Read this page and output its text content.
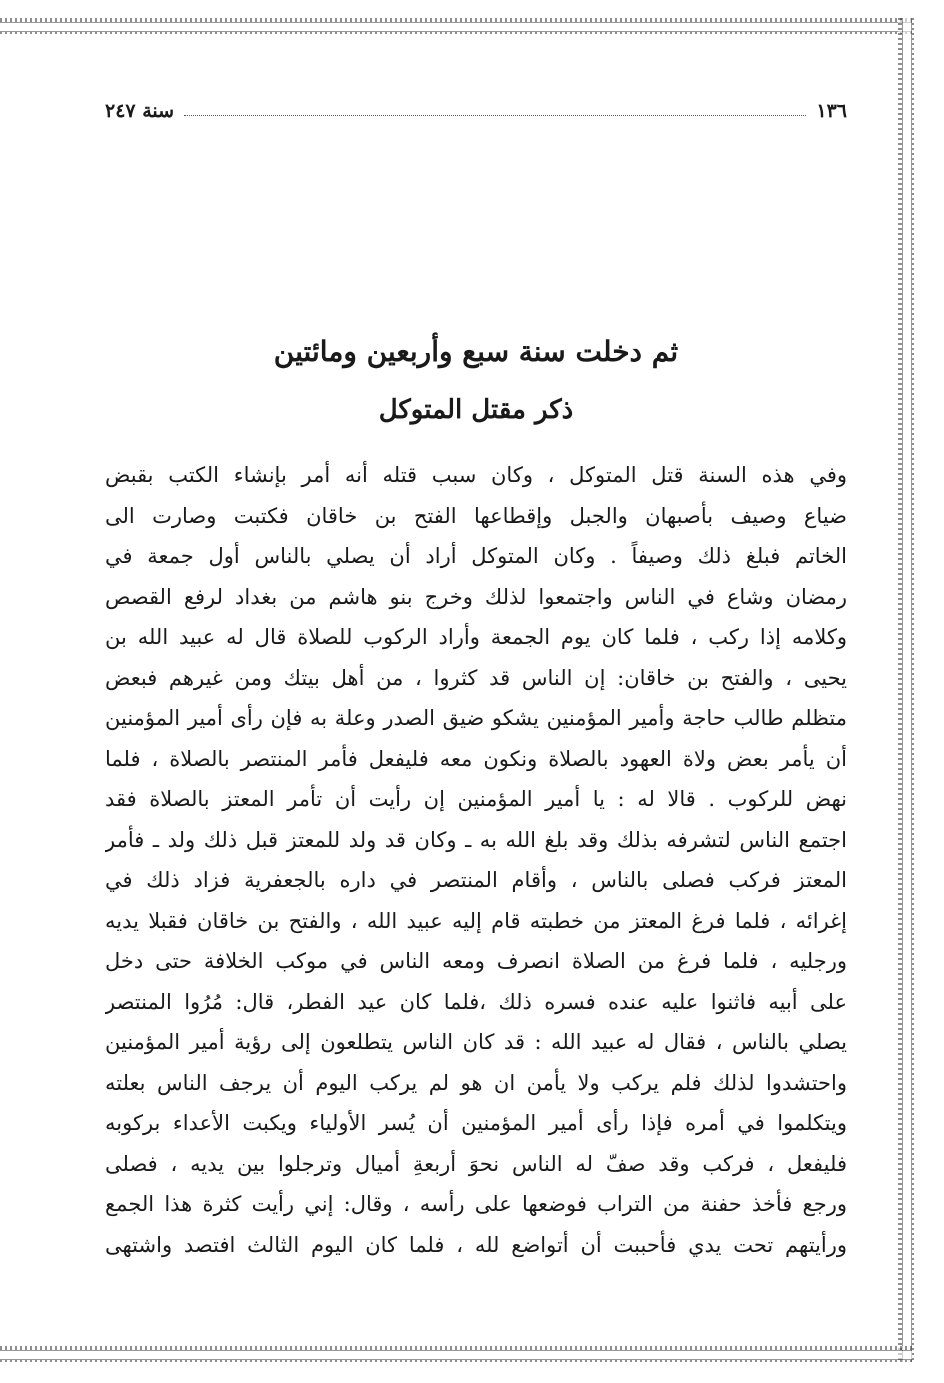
١٣٦
سنة ٢٤٧
ثم دخلت سنة سبع وأربعين ومائتين
ذكر مقتل المتوكل
وفي هذه السنة قتل المتوكل ، وكان سبب قتله أنه أمر بإنشاء الكتب بقبض
ضياع وصيف بأصبهان والجبل وإقطاعها الفتح بن خاقان فكتبت وصارت الى
الخاتم فبلغ ذلك وصيفاً . وكان المتوكل أراد أن يصلي بالناس أول جمعة في
رمضان وشاع في الناس واجتمعوا لذلك وخرج بنو هاشم من بغداد لرفع القصص
وكلامه إذا ركب ، فلما كان يوم الجمعة وأراد الركوب للصلاة قال له عبيد الله بن
يحيى ، والفتح بن خاقان: إن الناس قد كثروا ، من أهل بيتك ومن غيرهم فبعض
متظلم طالب حاجة وأمير المؤمنين يشكو ضيق الصدر وعلة به فإن رأى أمير المؤمنين
أن يأمر بعض ولاة العهود بالصلاة ونكون معه فليفعل فأمر المنتصر بالصلاة ، فلما
نهض للركوب . قالا له : يا أمير المؤمنين إن رأيت أن تأمر المعتز بالصلاة فقد
اجتمع الناس لتشرفه بذلك وقد بلغ الله به ـ وكان قد ولد للمعتز قبل ذلك ولد ـ فأمر
المعتز فركب فصلى بالناس ، وأقام المنتصر في داره بالجعفرية فزاد ذلك في
إغرائه ، فلما فرغ المعتز من خطبته قام إليه عبيد الله ، والفتح بن خاقان فقبلا يديه
ورجليه ، فلما فرغ من الصلاة انصرف ومعه الناس في موكب الخلافة حتى دخل
على أبيه فاثنوا عليه عنده فسره ذلك ،فلما كان عيد الفطر، قال: مُرُوا المنتصر
يصلي بالناس ، فقال له عبيد الله : قد كان الناس يتطلعون إلى رؤية أمير المؤمنين
واحتشدوا لذلك فلم يركب ولا يأمن ان هو لم يركب اليوم أن يرجف الناس بعلته
ويتكلموا في أمره فإذا رأى أمير المؤمنين أن يُسر الأولياء ويكبت الأعداء بركوبه
فليفعل ، فركب وقد صفّ له الناس نحوَ أربعةِ أميال وترجلوا بين يديه ، فصلى
ورجع فأخذ حفنة من التراب فوضعها على رأسه ، وقال: إني رأيت كثرة هذا الجمع
ورأيتهم تحت يدي فأحببت أن أتواضع لله ، فلما كان اليوم الثالث افتصد واشتهى
